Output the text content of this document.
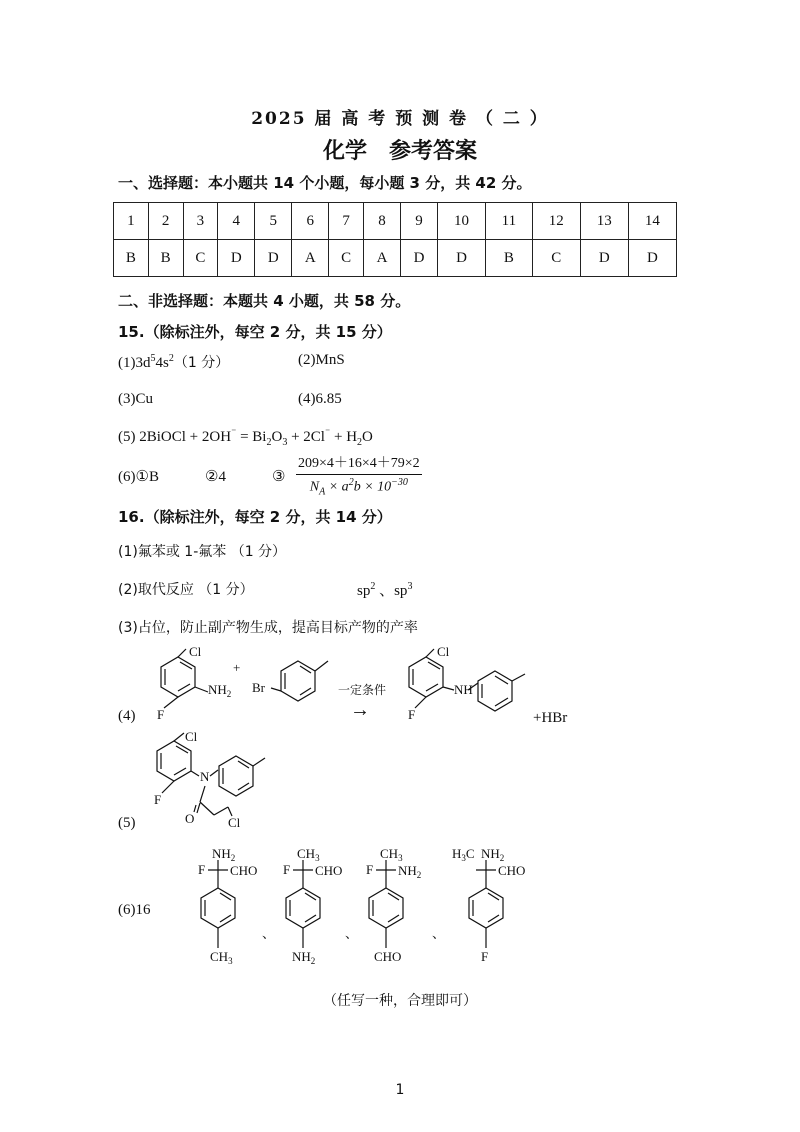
2025 届 高 考 预 测 卷 （ 二 ）
化学　参考答案
一、选择题：本小题共 14 个小题，每小题 3 分，共 42 分。
1	2	3	4	5	6	7	8	9	10	11	12	13	14
B	B	C	D	D	A	C	A	D	D	B	C	D	D
二、非选择题：本题共 4 小题，共 58 分。
15.（除标注外，每空 2 分，共 15 分）
$(1)3d^54s^2(1$ 分）	(2)MnS
(3)Cu	(4)6.85
(5) 2BiOCl + $2OH^{^-} = Bi_2O_3 + 2Cl^{^-} + H_2O$
(6)①B	②4	③ $\frac{209\times 4+16\times 4+79\times 2}{N_A \times a^2b \times 10^{-30}}$
16.（除标注外，每空 2 分，共 14 分）
(1)氟苯或 1-氟苯 （1 分）
(2)取代反应 （1 分）	$sp^2$ 、$sp^3$
(3)占位，防止副产物生成，提高目标产物的产率
(4)
(5)
(6)16
Cl
$NH_2$
F
+
Br	一定条件
→
Cl
NH
F	+HBr
Cl
N
F
O	Cl
$NH_2$
F CHO
$CH_3$
、
$CH_3$
F CHO
$NH_2$
、
$CH_3$
F $NH_2$
CHO
、
$H_3C$ $NH_2$
CHO
F
（任写一种，合理即可）
1
